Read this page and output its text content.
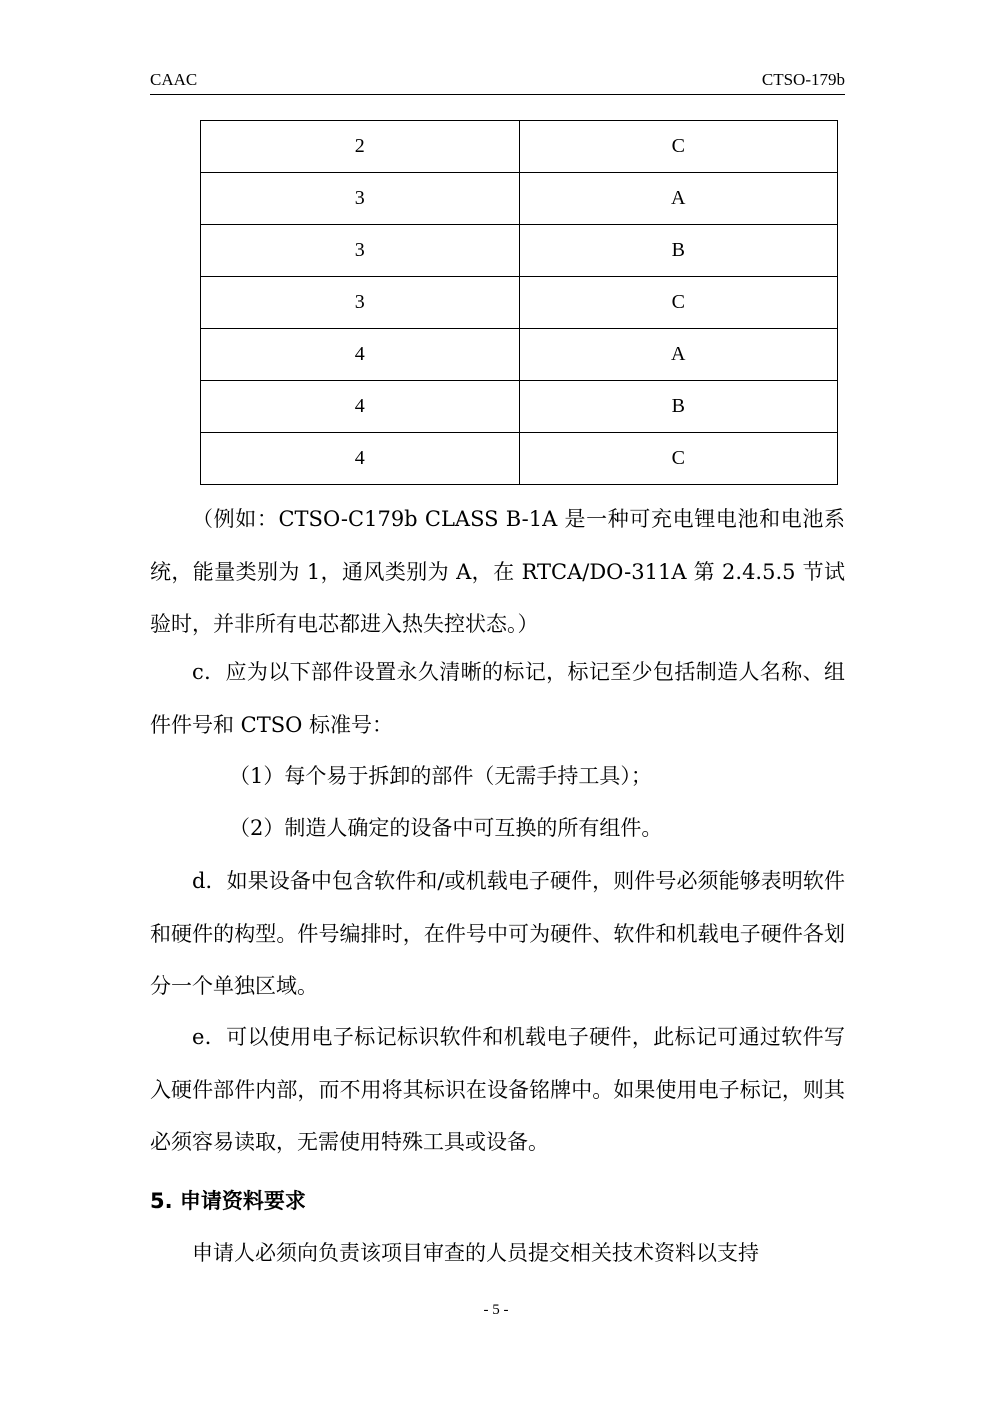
CAAC	CTSO-179b
2	C
3	A
3	B
3	C
4	A
4	B
4	C

（例如：CTSO-C179b CLASS B-1A 是一种可充电锂电池和电池系统，能量类别为 1，通风类别为 A，在 RTCA/DO-311A 第 2.4.5.5 节试验时，并非所有电芯都进入热失控状态。）

c．应为以下部件设置永久清晰的标记，标记至少包括制造人名称、组件件号和 CTSO 标准号：

（1）每个易于拆卸的部件（无需手持工具）；

（2）制造人确定的设备中可互换的所有组件。

d．如果设备中包含软件和/或机载电子硬件，则件号必须能够表明软件和硬件的构型。件号编排时，在件号中可为硬件、软件和机载电子硬件各划分一个单独区域。

e．可以使用电子标记标识软件和机载电子硬件，此标记可通过软件写入硬件部件内部，而不用将其标识在设备铭牌中。如果使用电子标记，则其必须容易读取，无需使用特殊工具或设备。

5. 申请资料要求

申请人必须向负责该项目审查的人员提交相关技术资料以支持

- 5 -
